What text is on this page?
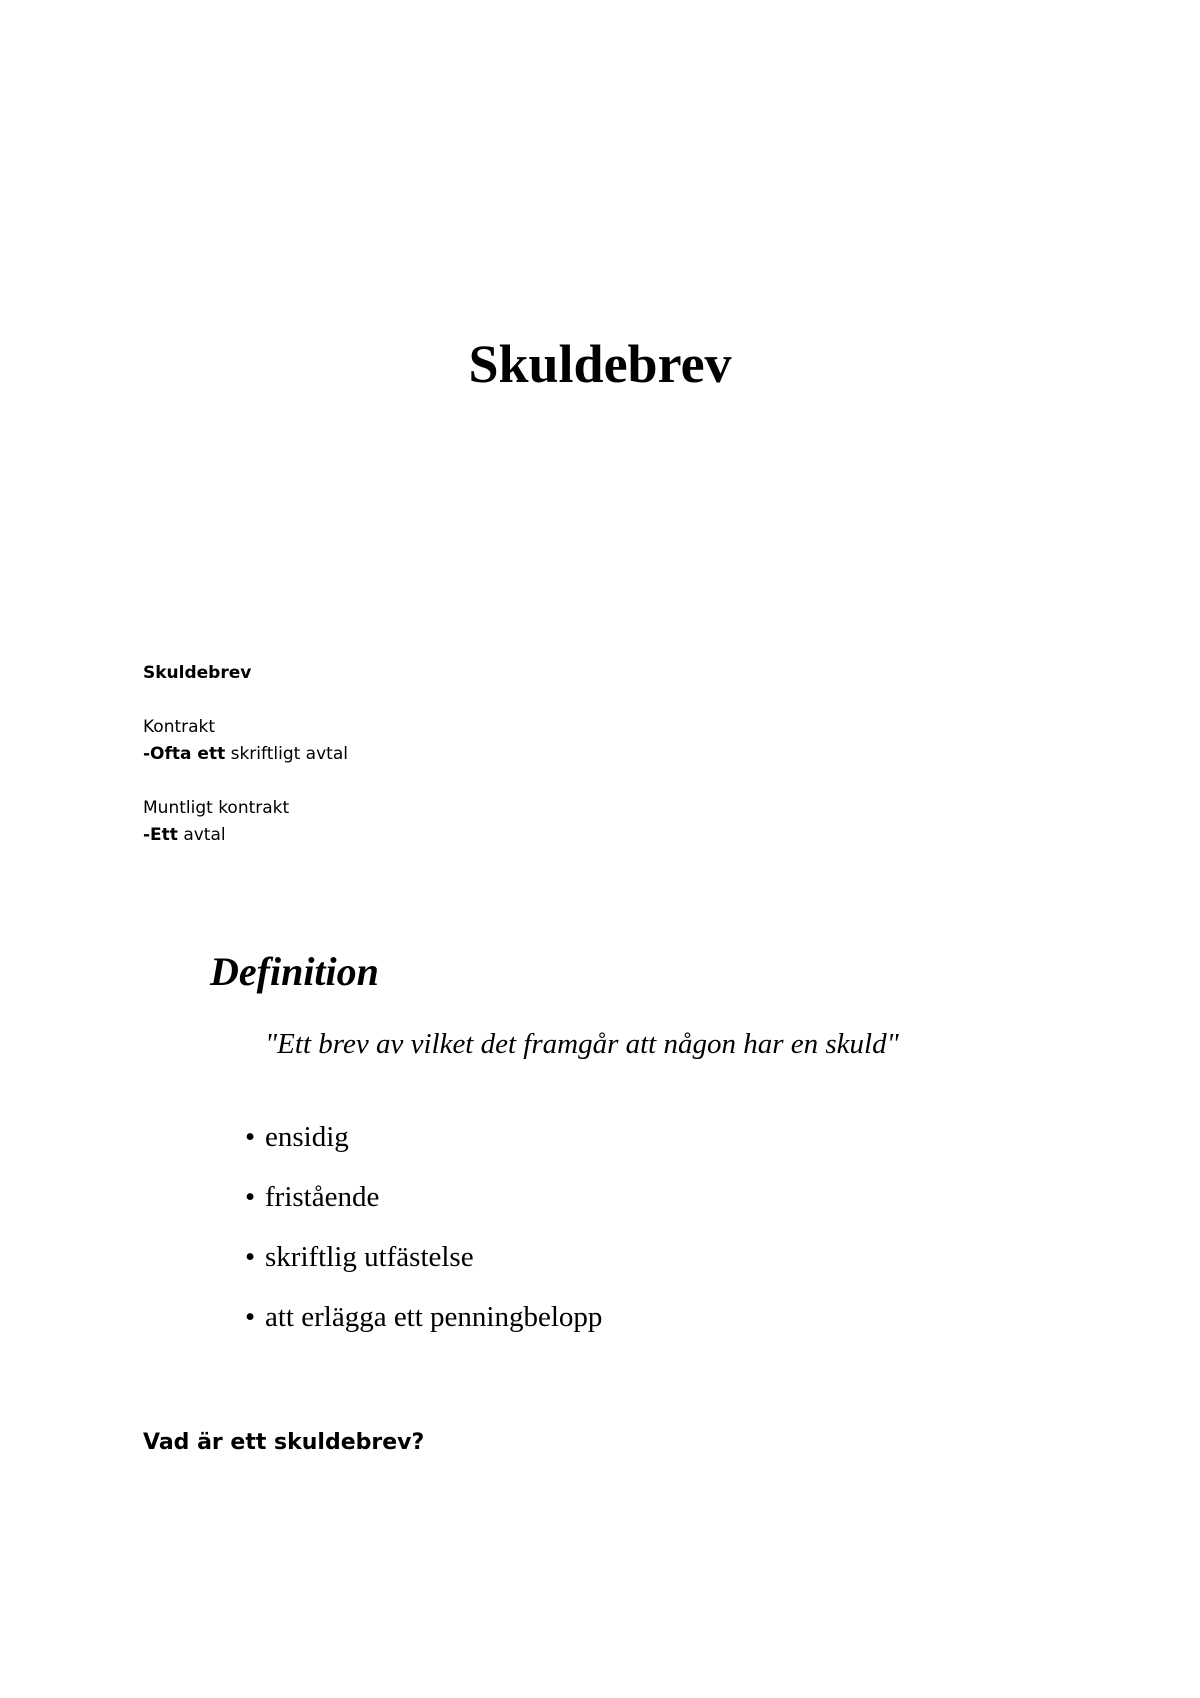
Skuldebrev
Skuldebrev
Kontrakt
-Ofta ett skriftligt avtal
Muntligt kontrakt
-Ett avtal
Definition
"Ett brev av vilket det framgår att någon har en skuld"
• ensidig
• fristående
• skriftlig utfästelse
• att erlägga ett penningbelopp
Vad är ett skuldebrev?
